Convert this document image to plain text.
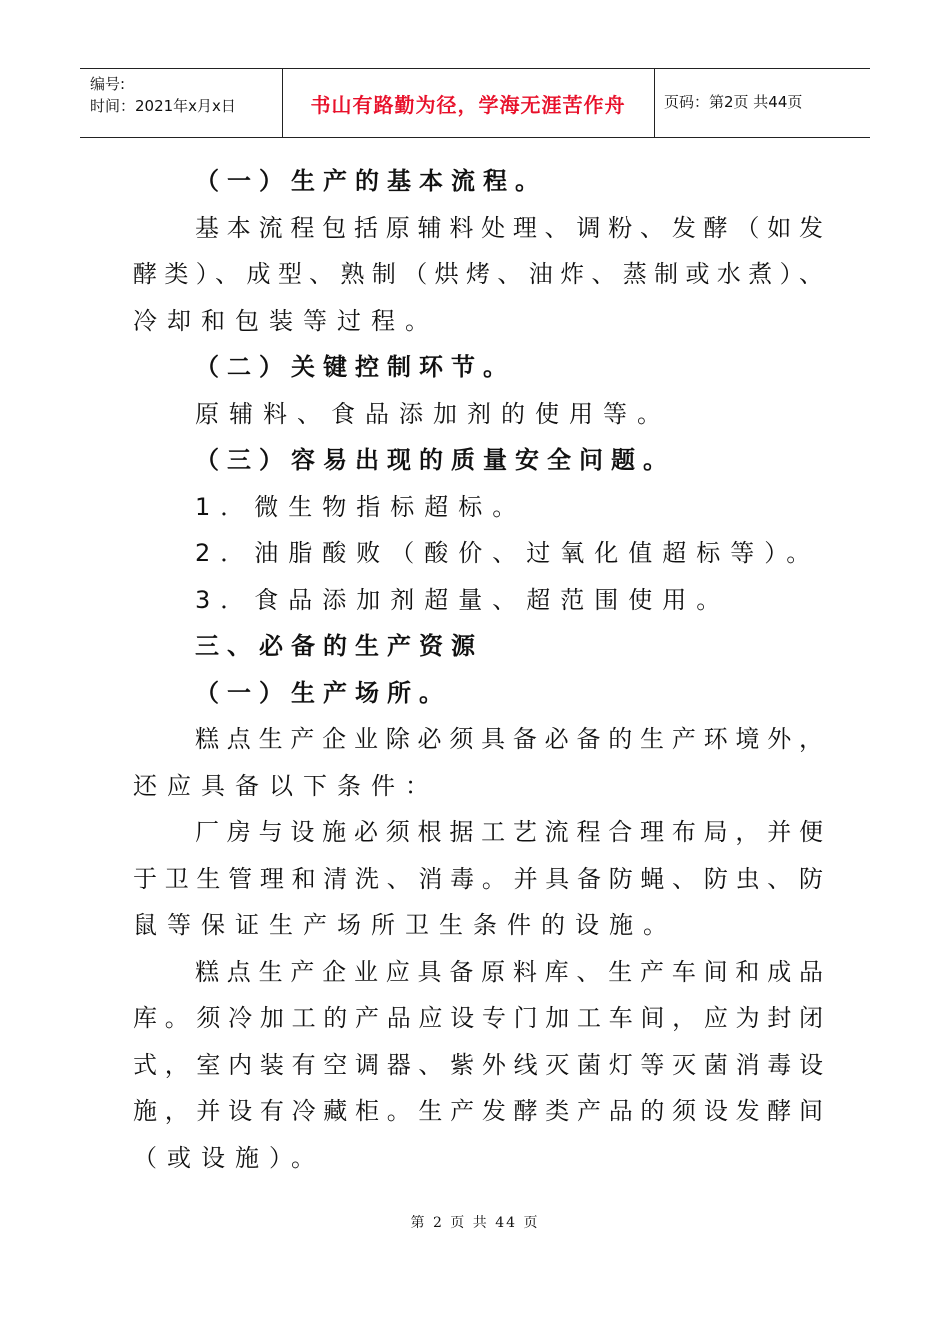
编号:
时间：2021年x月x日	书山有路勤为径，学海无涯苦作舟	页码：第2页 共44页
（一）生产的基本流程。
基本流程包括原辅料处理、调粉、发酵（如发
酵类）、成型、熟制（烘烤、油炸、蒸制或水煮）、
冷却和包装等过程。
（二）关键控制环节。
原辅料、食品添加剂的使用等。
（三）容易出现的质量安全问题。
1．微生物指标超标。
2．油脂酸败（酸价、过氧化值超标等）。
3．食品添加剂超量、超范围使用。
三、必备的生产资源
（一）生产场所。
糕点生产企业除必须具备必备的生产环境外，
还应具备以下条件：
厂房与设施必须根据工艺流程合理布局，并便
于卫生管理和清洗、消毒。并具备防蝇、防虫、防
鼠等保证生产场所卫生条件的设施。
糕点生产企业应具备原料库、生产车间和成品
库。须冷加工的产品应设专门加工车间，应为封闭
式，室内装有空调器、紫外线灭菌灯等灭菌消毒设
施，并设有冷藏柜。生产发酵类产品的须设发酵间
（或设施）。
第 2 页 共 44 页
